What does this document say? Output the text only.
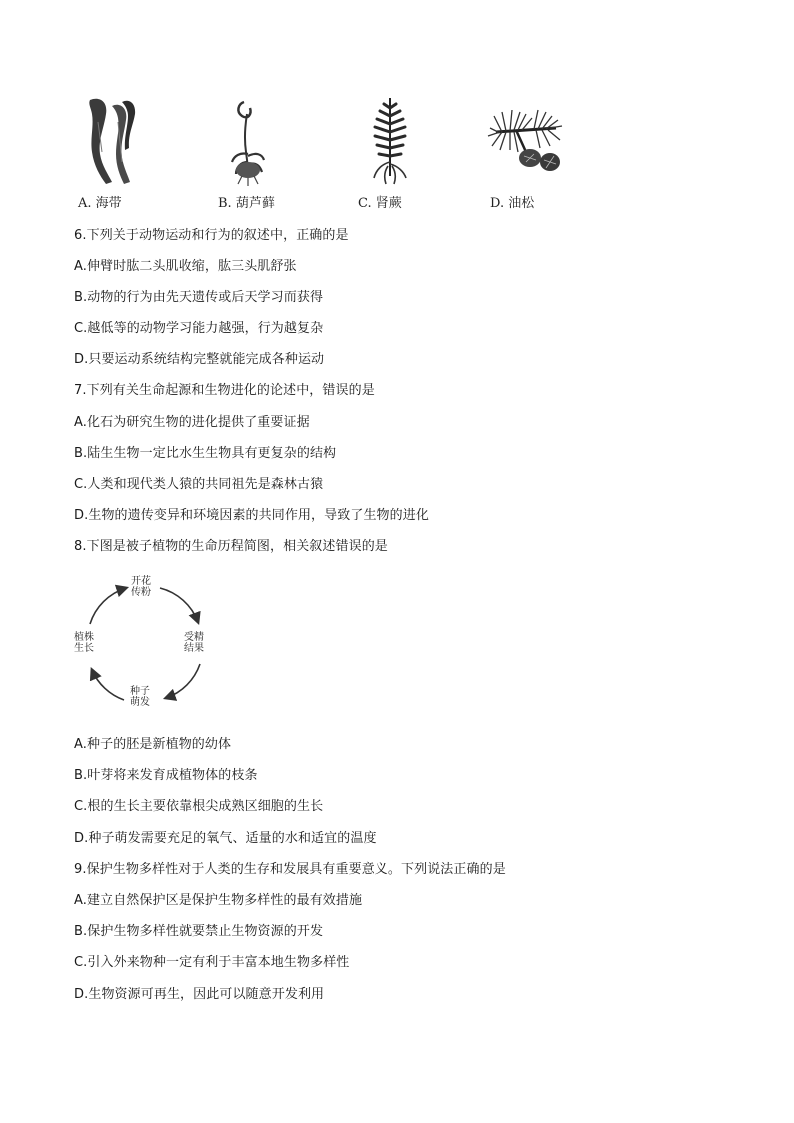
A. 海带	B. 葫芦藓	C. 肾蕨	D. 油松
6.下列关于动物运动和行为的叙述中，正确的是
A.伸臂时肱二头肌收缩，肱三头肌舒张
B.动物的行为由先天遗传或后天学习而获得
C.越低等的动物学习能力越强，行为越复杂
D.只要运动系统结构完整就能完成各种运动
7.下列有关生命起源和生物进化的论述中，错误的是
A.化石为研究生物的进化提供了重要证据
B.陆生生物一定比水生生物具有更复杂的结构
C.人类和现代类人猿的共同祖先是森林古猿
D.生物的遗传变异和环境因素的共同作用，导致了生物的进化
8.下图是被子植物的生命历程简图，相关叙述错误的是
开花
传粉
受精
结果
种子
萌发
植株
生长
A.种子的胚是新植物的幼体
B.叶芽将来发育成植物体的枝条
C.根的生长主要依靠根尖成熟区细胞的生长
D.种子萌发需要充足的氧气、适量的水和适宜的温度
9.保护生物多样性对于人类的生存和发展具有重要意义。下列说法正确的是
A.建立自然保护区是保护生物多样性的最有效措施
B.保护生物多样性就要禁止生物资源的开发
C.引入外来物种一定有利于丰富本地生物多样性
D.生物资源可再生，因此可以随意开发利用
